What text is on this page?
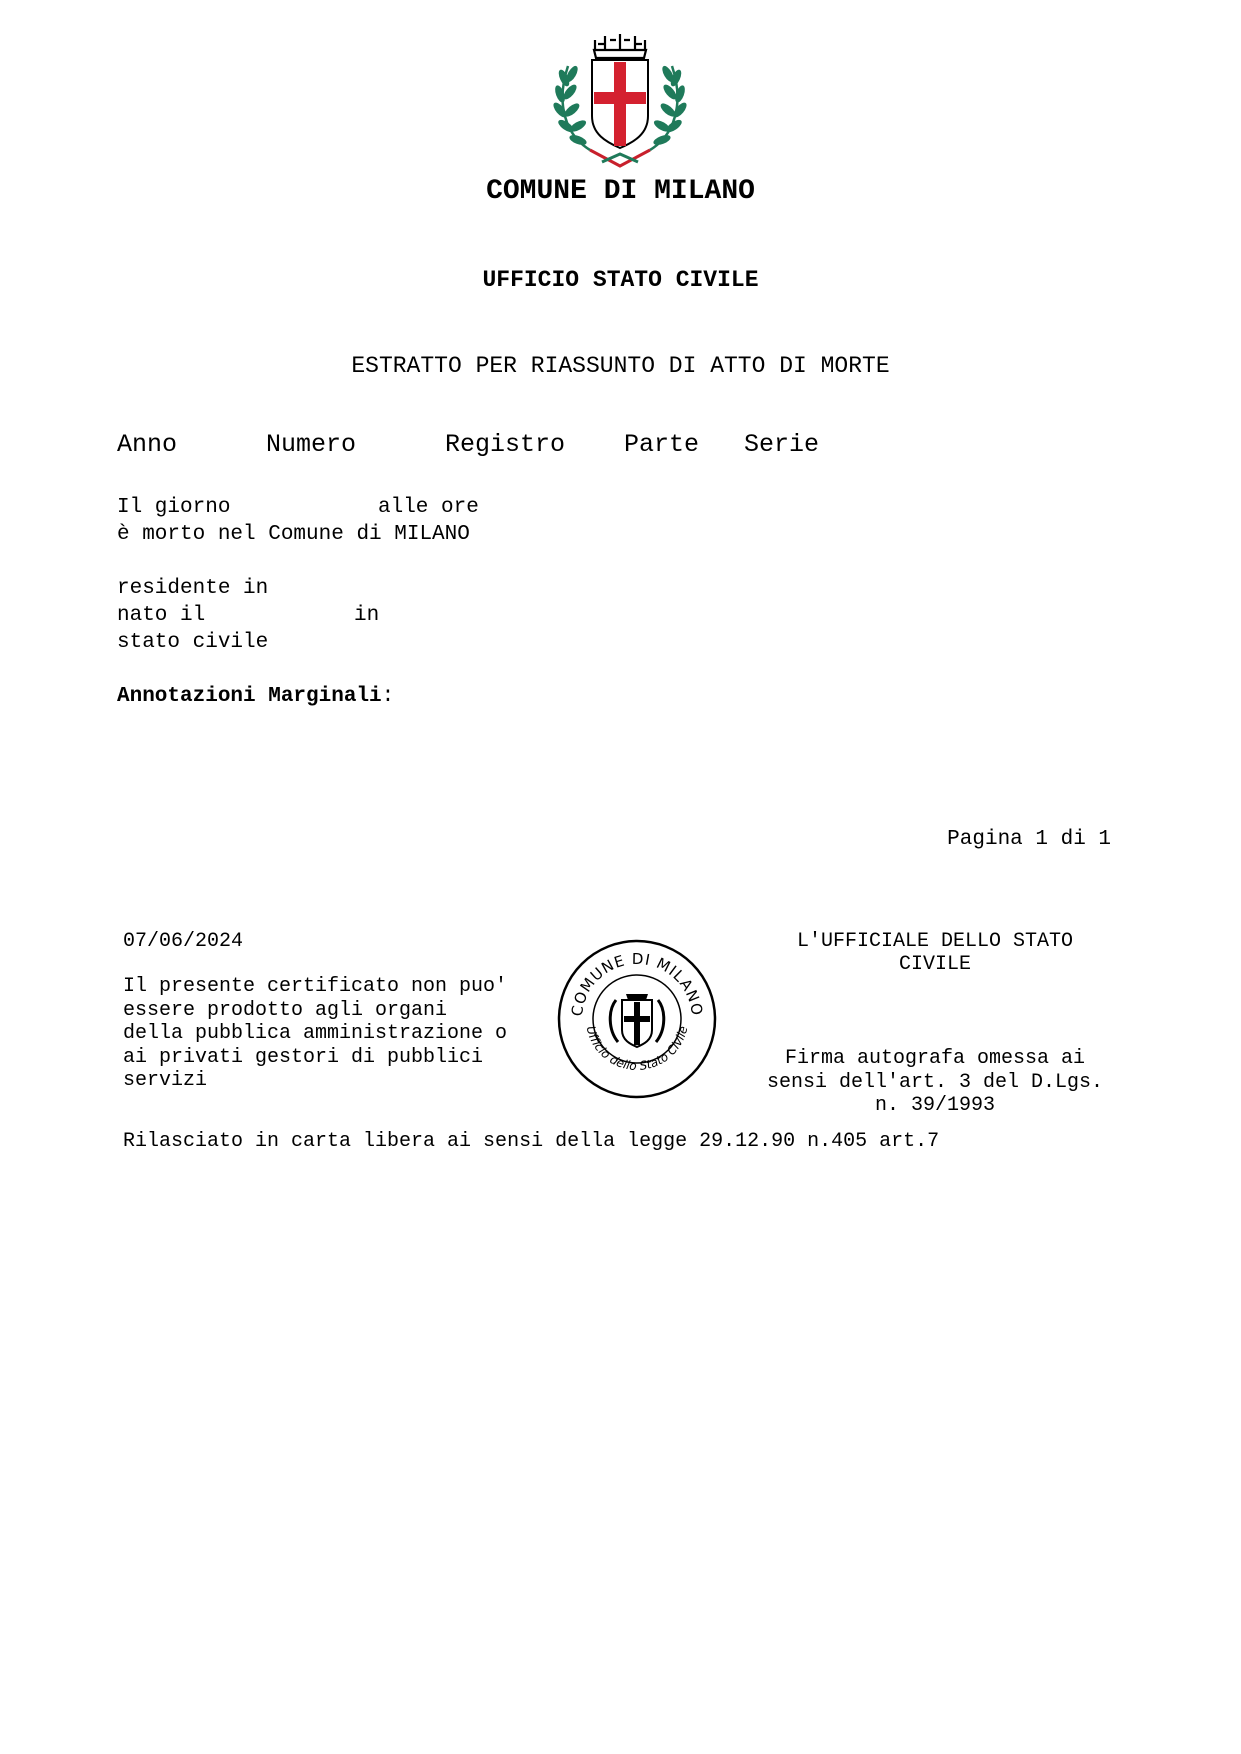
COMUNE DI MILANO
UFFICIO STATO CIVILE
ESTRATTO PER RIASSUNTO DI ATTO DI MORTE
Anno	Numero	Registro Parte Serie
Il giorno	alle ore
è morto nel Comune di MILANO
residente in
nato il	in
stato civile
Annotazioni Marginali:
Pagina 1 di 1
07/06/2024
Il presente certificato non puo'
essere prodotto agli organi
della pubblica amministrazione o
ai privati gestori di pubblici
servizi
COMUNE DI MILANO
Ufficio dello Stato Civile
L'UFFICIALE DELLO STATO
CIVILE
Firma autografa omessa ai
sensi dell'art. 3 del D.Lgs.
n. 39/1993
Rilasciato in carta libera ai sensi della legge 29.12.90 n.405 art.7
